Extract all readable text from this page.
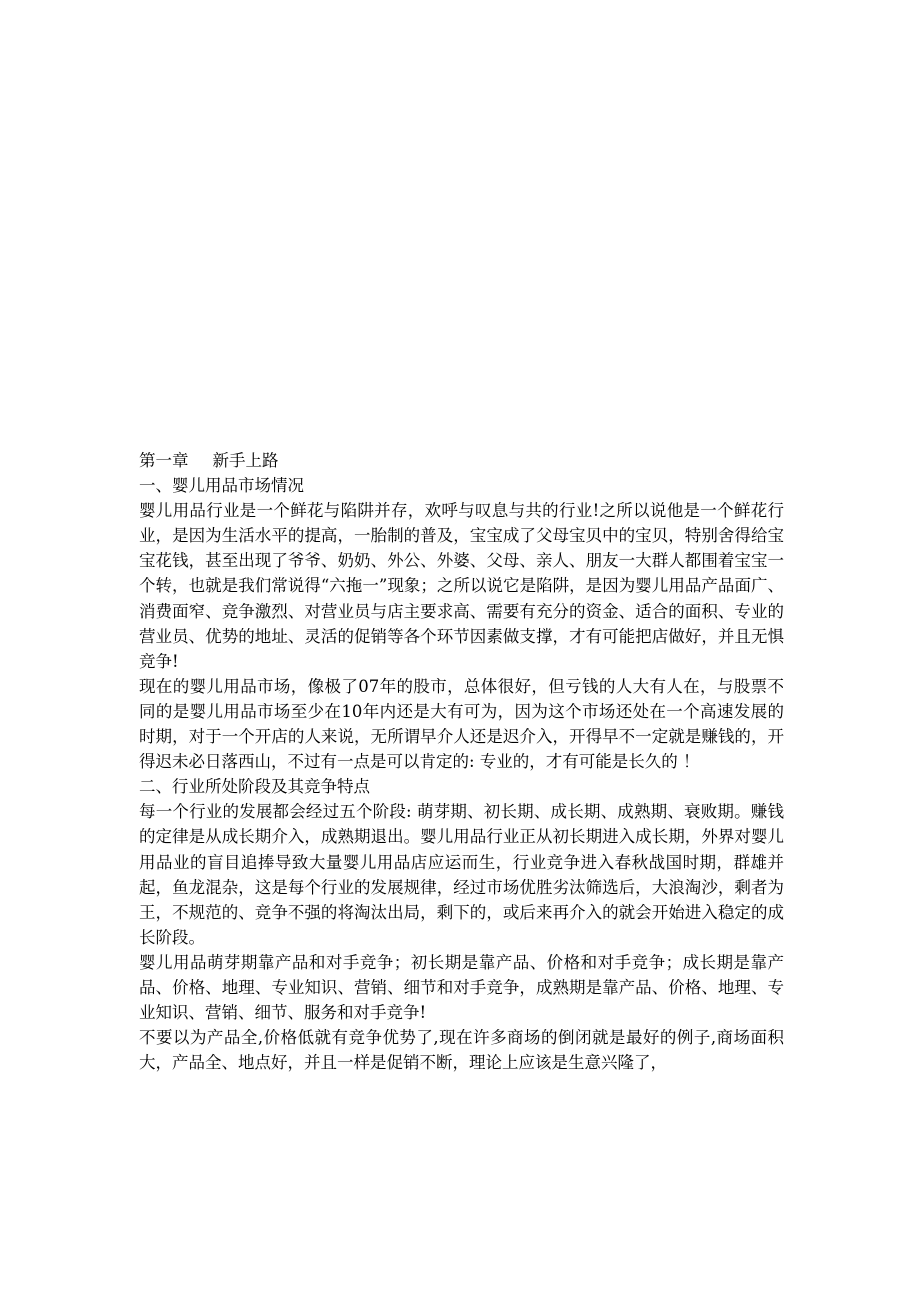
第一章 新手上路

一、婴儿用品市场情况

婴儿用品行业是一个鲜花与陷阱并存，欢呼与叹息与共的行业!之所以说他是一个鲜花行业，是因为生活水平的提高，一胎制的普及，宝宝成了父母宝贝中的宝贝，特别舍得给宝宝花钱，甚至出现了爷爷、奶奶、外公、外婆、父母、亲人、朋友一大群人都围着宝宝一个转，也就是我们常说得“六拖一”现象；之所以说它是陷阱，是因为婴儿用品产品面广、消费面窄、竞争激烈、对营业员与店主要求高、需要有充分的资金、适合的面积、专业的营业员、优势的地址、灵活的促销等各个环节因素做支撑，才有可能把店做好，并且无惧竞争!

现在的婴儿用品市场，像极了07年的股市，总体很好，但亏钱的人大有人在，与股票不同的是婴儿用品市场至少在10年内还是大有可为，因为这个市场还处在一个高速发展的时期，对于一个开店的人来说，无所谓早介人还是迟介入，开得早不一定就是赚钱的，开得迟未必日落西山，不过有一点是可以肯定的: 专业的，才有可能是长久的 ！

二、行业所处阶段及其竞争特点

每一个行业的发展都会经过五个阶段: 萌芽期、初长期、成长期、成熟期、衰败期。赚钱的定律是从成长期介入，成熟期退出。婴儿用品行业正从初长期进入成长期，外界对婴儿用品业的盲目追捧导致大量婴儿用品店应运而生，行业竞争进入春秋战国时期，群雄并起，鱼龙混杂，这是每个行业的发展规律，经过市场优胜劣汰筛选后，大浪淘沙，剩者为王，不规范的、竞争不强的将淘汰出局，剩下的，或后来再介入的就会开始进入稳定的成长阶段。

婴儿用品萌芽期靠产品和对手竞争；初长期是靠产品、价格和对手竞争；成长期是靠产品、价格、地理、专业知识、营销、细节和对手竞争，成熟期是靠产品、价格、地理、专业知识、营销、细节、服务和对手竞争!

不要以为产品全,价格低就有竞争优势了,现在许多商场的倒闭就是最好的例子,商场面积大，产品全、地点好，并且一样是促销不断，理论上应该是生意兴隆了，
